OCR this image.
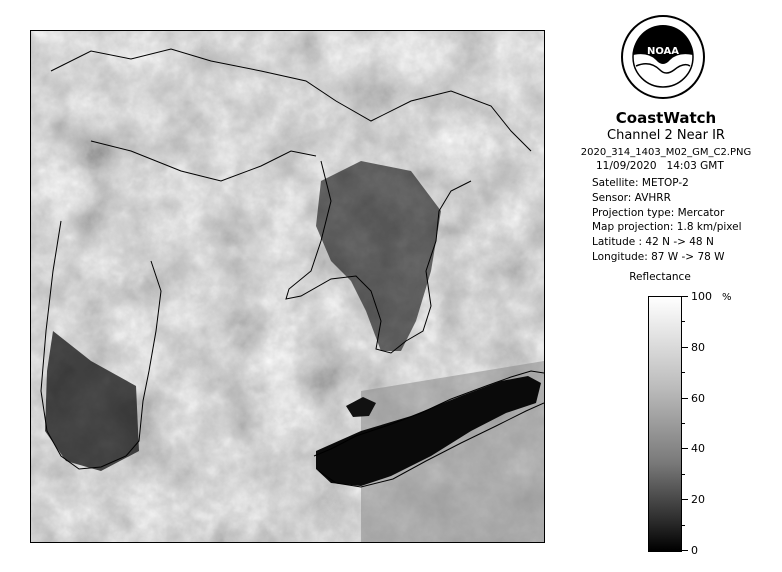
NOAA
CoastWatch
Channel 2 Near IR
2020_314_1403_M02_GM_C2.PNG
11/09/2020 14:03 GMT
Satellite: METOP-2
Sensor: AVHRR
Projection type: Mercator
Map projection: 1.8 km/pixel
Latitude : 42 N -> 48 N
Longitude: 87 W -> 78 W
Reflectance
%
100
80
60
40
20
0
